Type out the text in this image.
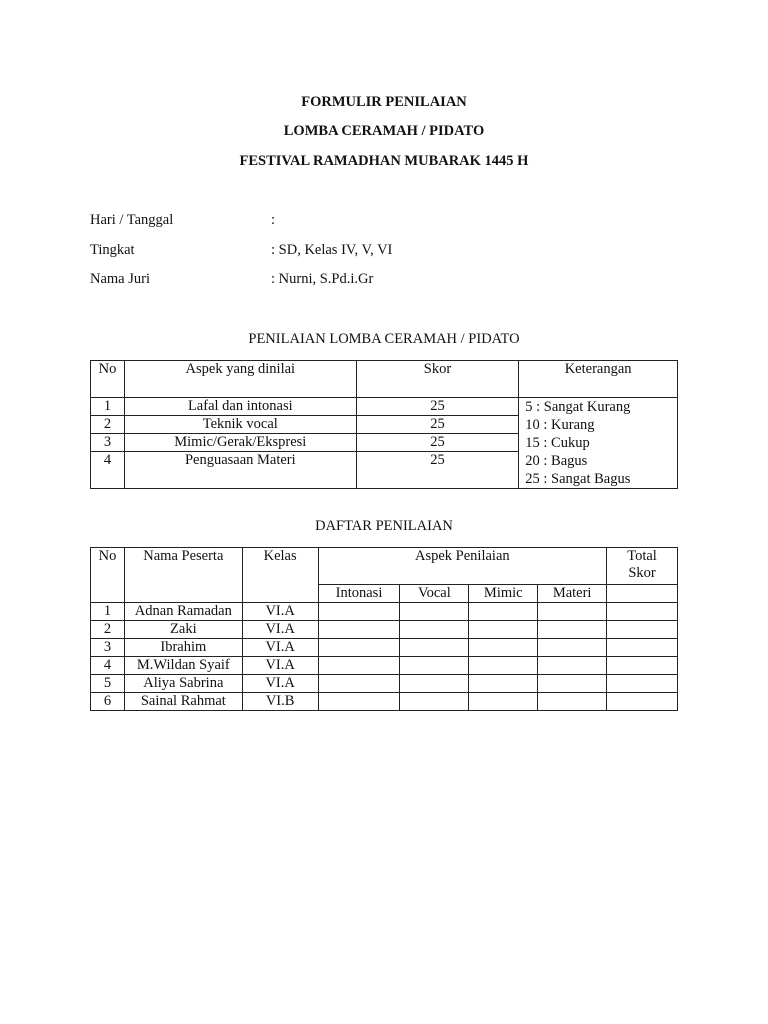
FORMULIR PENILAIAN
LOMBA CERAMAH / PIDATO
FESTIVAL RAMADHAN MUBARAK 1445 H
Hari / Tanggal	:
Tingkat	: SD, Kelas IV, V, VI
Nama Juri	: Nurni, S.Pd.i.Gr
PENILAIAN LOMBA CERAMAH / PIDATO
No	Aspek yang dinilai	Skor	Keterangan
1	Lafal dan intonasi	25	5 : Sangat Kurang
10 : Kurang
15 : Cukup
20 : Bagus
25 : Sangat Bagus

2	Teknik vocal	25	
3	Mimic/Gerak/Ekspresi	25	
4	Penguasaan Materi	25	
DAFTAR PENILAIAN
No	Nama Peserta	Kelas	Aspek Penilaian				Total
Skor

			Intonasi	Vocal	Mimic	Materi	
1	Adnan Ramadan	VI.A					
2	Zaki	VI.A					
3	Ibrahim	VI.A					
4	M.Wildan Syaif	VI.A					
5	Aliya Sabrina	VI.A					
6	Sainal Rahmat	VI.B					
